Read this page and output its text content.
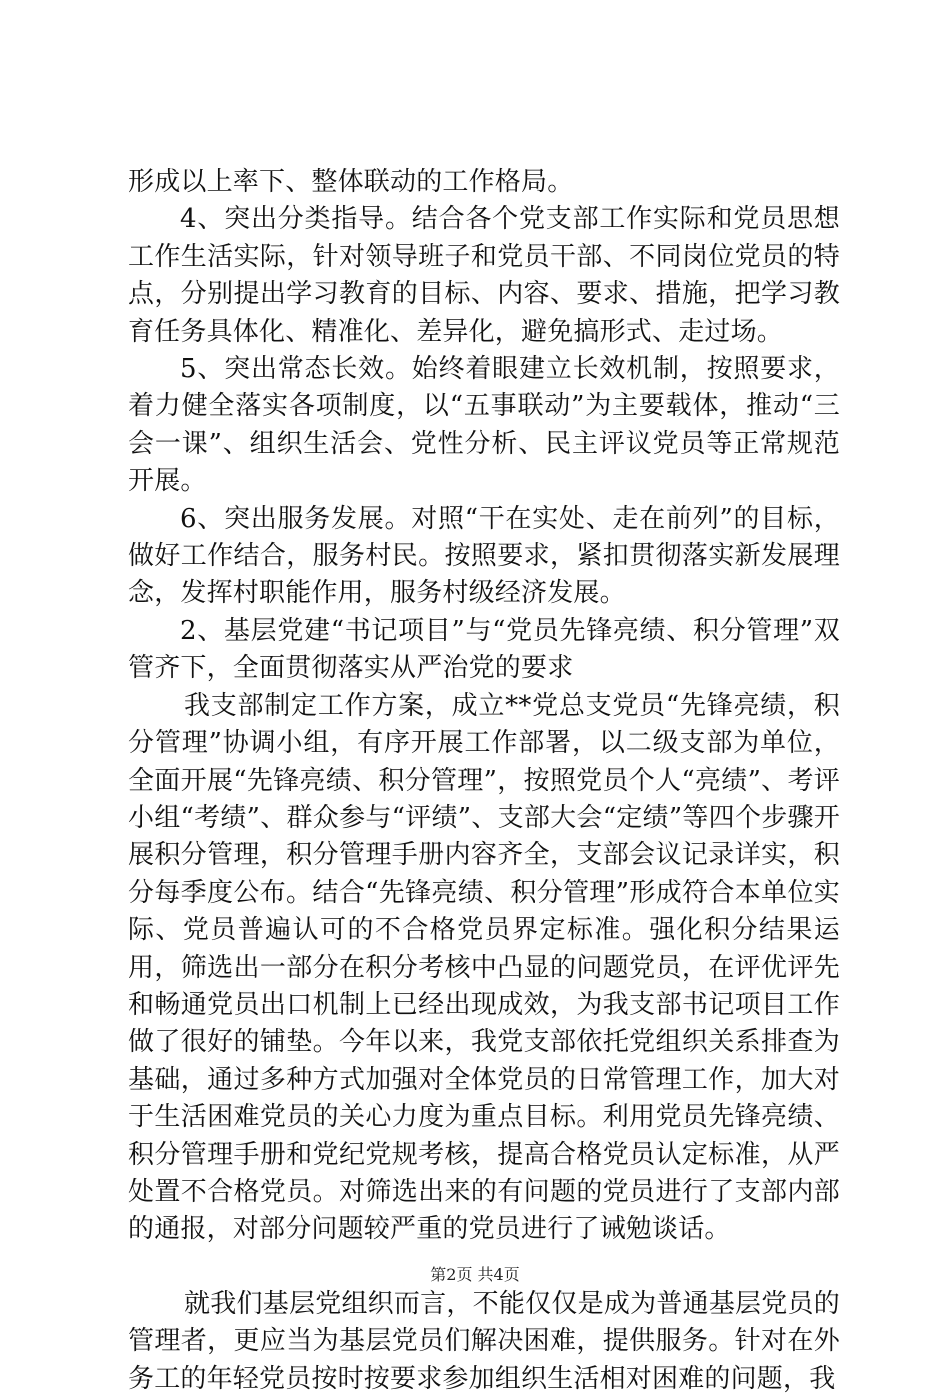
形成以上率下、整体联动的工作格局。

4、突出分类指导。结合各个党支部工作实际和党员思想工作生活实际，针对领导班子和党员干部、不同岗位党员的特点，分别提出学习教育的目标、内容、要求、措施，把学习教育任务具体化、精准化、差异化，避免搞形式、走过场。

5、突出常态长效。始终着眼建立长效机制，按照要求，着力健全落实各项制度，以“五事联动”为主要载体，推动“三会一课”、组织生活会、党性分析、民主评议党员等正常规范开展。

6、突出服务发展。对照“干在实处、走在前列”的目标，做好工作结合，服务村民。按照要求，紧扣贯彻落实新发展理念，发挥村职能作用，服务村级经济发展。

2、基层党建“书记项目”与“党员先锋亮绩、积分管理”双管齐下，全面贯彻落实从严治党的要求

我支部制定工作方案，成立**党总支党员“先锋亮绩，积分管理”协调小组，有序开展工作部署，以二级支部为单位，全面开展“先锋亮绩、积分管理”，按照党员个人“亮绩”、考评小组“考绩”、群众参与“评绩”、支部大会“定绩”等四个步骤开展积分管理，积分管理手册内容齐全，支部会议记录详实，积分每季度公布。结合“先锋亮绩、积分管理”形成符合本单位实际、党员普遍认可的不合格党员界定标准。强化积分结果运用，筛选出一部分在积分考核中凸显的问题党员，在评优评先和畅通党员出口机制上已经出现成效，为我支部书记项目工作做了很好的铺垫。今年以来，我党支部依托党组织关系排查为基础，通过多种方式加强对全体党员的日常管理工作，加大对于生活困难党员的关心力度为重点目标。利用党员先锋亮绩、积分管理手册和党纪党规考核，提高合格党员认定标准，从严处置不合格党员。对筛选出来的有问题的党员进行了支部内部的通报，对部分问题较严重的党员进行了诫勉谈话。

就我们基层党组织而言，不能仅仅是成为普通基层党员的管理者，更应当为基层党员们解决困难，提供服务。针对在外务工的年轻党员按时按要求参加组织生活相对困难的问题，我

第2页 共4页
